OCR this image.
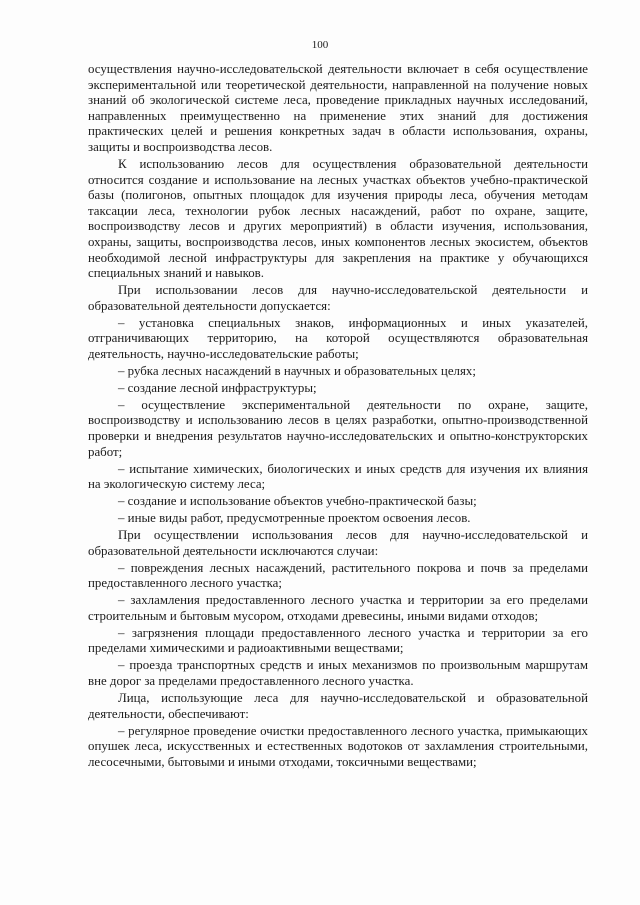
100

осуществления научно-исследовательской деятельности включает в себя осуществление экспериментальной или теоретической деятельности, направленной на получение новых знаний об экологической системе леса, проведение прикладных научных исследований, направленных преимущественно на применение этих знаний для достижения практических целей и решения конкретных задач в области использования, охраны, защиты и воспроизводства лесов.

К использованию лесов для осуществления образовательной деятельности относится создание и использование на лесных участках объектов учебно-практической базы (полигонов, опытных площадок для изучения природы леса, обучения методам таксации леса, технологии рубок лесных насаждений, работ по охране, защите, воспроизводству лесов и других мероприятий) в области изучения, использования, охраны, защиты, воспроизводства лесов, иных компонентов лесных экосистем, объектов необходимой лесной инфраструктуры для закрепления на практике у обучающихся специальных знаний и навыков.

При использовании лесов для научно-исследовательской деятельности и образовательной деятельности допускается:

– установка специальных знаков, информационных и иных указателей, отграничивающих территорию, на которой осуществляются образовательная деятельность, научно-исследовательские работы;

– рубка лесных насаждений в научных и образовательных целях;

– создание лесной инфраструктуры;

– осуществление экспериментальной деятельности по охране, защите, воспроизводству и использованию лесов в целях разработки, опытно-производственной проверки и внедрения результатов научно-исследовательских и опытно-конструкторских работ;

– испытание химических, биологических и иных средств для изучения их влияния на экологическую систему леса;

– создание и использование объектов учебно-практической базы;

– иные виды работ, предусмотренные проектом освоения лесов.

При осуществлении использования лесов для научно-исследовательской и образовательной деятельности исключаются случаи:

– повреждения лесных насаждений, растительного покрова и почв за пределами предоставленного лесного участка;

– захламления предоставленного лесного участка и территории за его пределами строительным и бытовым мусором, отходами древесины, иными видами отходов;

– загрязнения площади предоставленного лесного участка и территории за его пределами химическими и радиоактивными веществами;

– проезда транспортных средств и иных механизмов по произвольным маршрутам вне дорог за пределами предоставленного лесного участка.

Лица, использующие леса для научно-исследовательской и образовательной деятельности, обеспечивают:

– регулярное проведение очистки предоставленного лесного участка, примыкающих опушек леса, искусственных и естественных водотоков от захламления строительными, лесосечными, бытовыми и иными отходами, токсичными веществами;
